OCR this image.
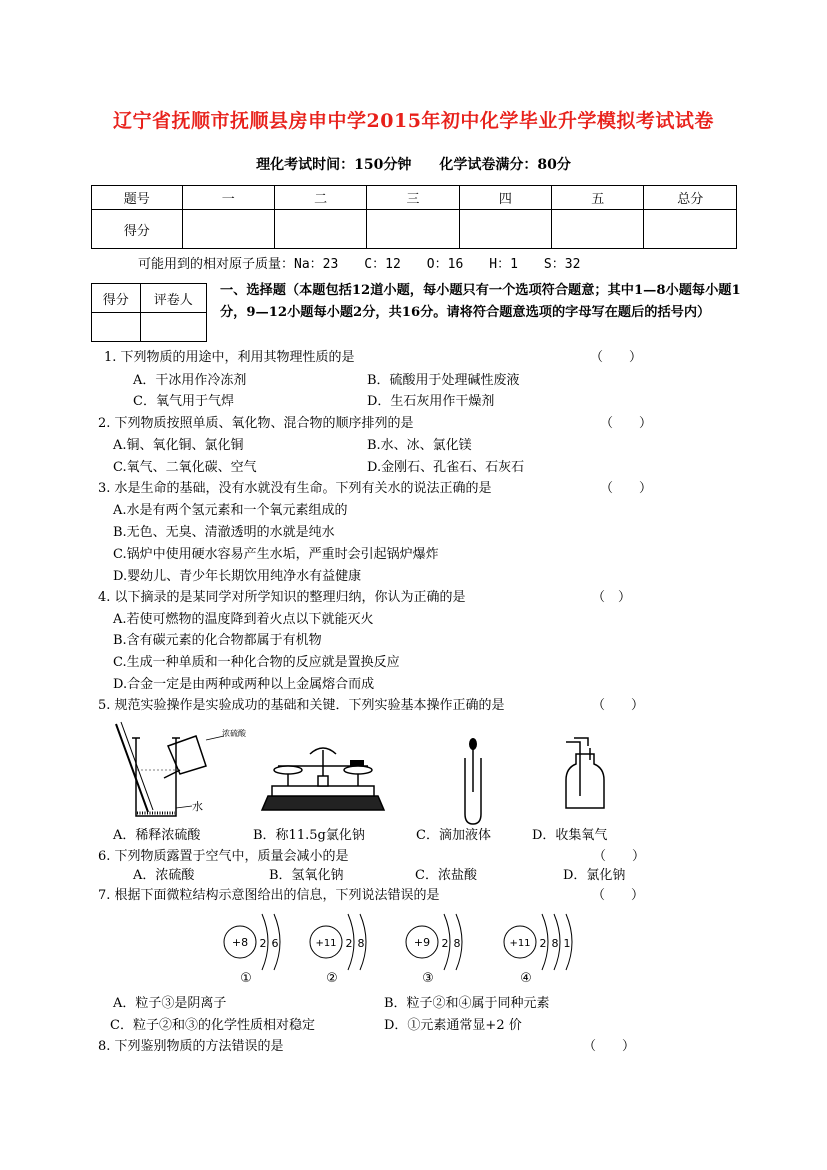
辽宁省抚顺市抚顺县房申中学2015年初中化学毕业升学模拟考试试卷
理化考试时间：150分钟　　化学试卷满分：80分
题号	一	二	三	四	五	总分
得分						
可能用到的相对原子质量：Na：23　　C：12　　O：16　　H：1　　S：32
得分	评卷人

一、选择题（本题包括12道小题，每小题只有一个选项符合题意；其中1—8小题每小题1分，9—12小题每小题2分，共16分。请将符合题意选项的字母写在题后的括号内）
1. 下列物质的用途中，利用其物理性质的是	（　　）
A．干冰用作冷冻剂	B．硫酸用于处理碱性废液
C．氧气用于气焊	D．生石灰用作干燥剂
2. 下列物质按照单质、氧化物、混合物的顺序排列的是	（　　）
A.铜、氧化铜、氯化铜	B.水、冰、氯化镁
C.氧气、二氧化碳、空气	D.金刚石、孔雀石、石灰石
3. 水是生命的基础，没有水就没有生命。下列有关水的说法正确的是	（　　）
A.水是有两个氢元素和一个氧元素组成的
B.无色、无臭、清澈透明的水就是纯水
C.锅炉中使用硬水容易产生水垢，严重时会引起锅炉爆炸
D.婴幼儿、青少年长期饮用纯净水有益健康
4. 以下摘录的是某同学对所学知识的整理归纳，你认为正确的是	（　）
A.若使可燃物的温度降到着火点以下就能灭火
B.含有碳元素的化合物都属于有机物
C.生成一种单质和一种化合物的反应就是置换反应
D.合金一定是由两种或两种以上金属熔合而成
5. 规范实验操作是实验成功的基础和关键．下列实验基本操作正确的是	（　　）
浓硫酸
水
A．稀释浓硫酸	B．称11.5g氯化钠	C．滴加液体	D．收集氧气
6. 下列物质露置于空气中，质量会减小的是	（　　）
A．浓硫酸	B．氢氧化钠	C．浓盐酸	D．氯化钠
7. 根据下面微粒结构示意图给出的信息，下列说法错误的是	（　　）
+8 2 6
①
+11 2 8
②
+9 2 8
③
+11 2 8 1
④
A．粒子③是阴离子	B．粒子②和④属于同种元素
C．粒子②和③的化学性质相对稳定	D．①元素通常显+2 价
8. 下列鉴别物质的方法错误的是	（　　）
